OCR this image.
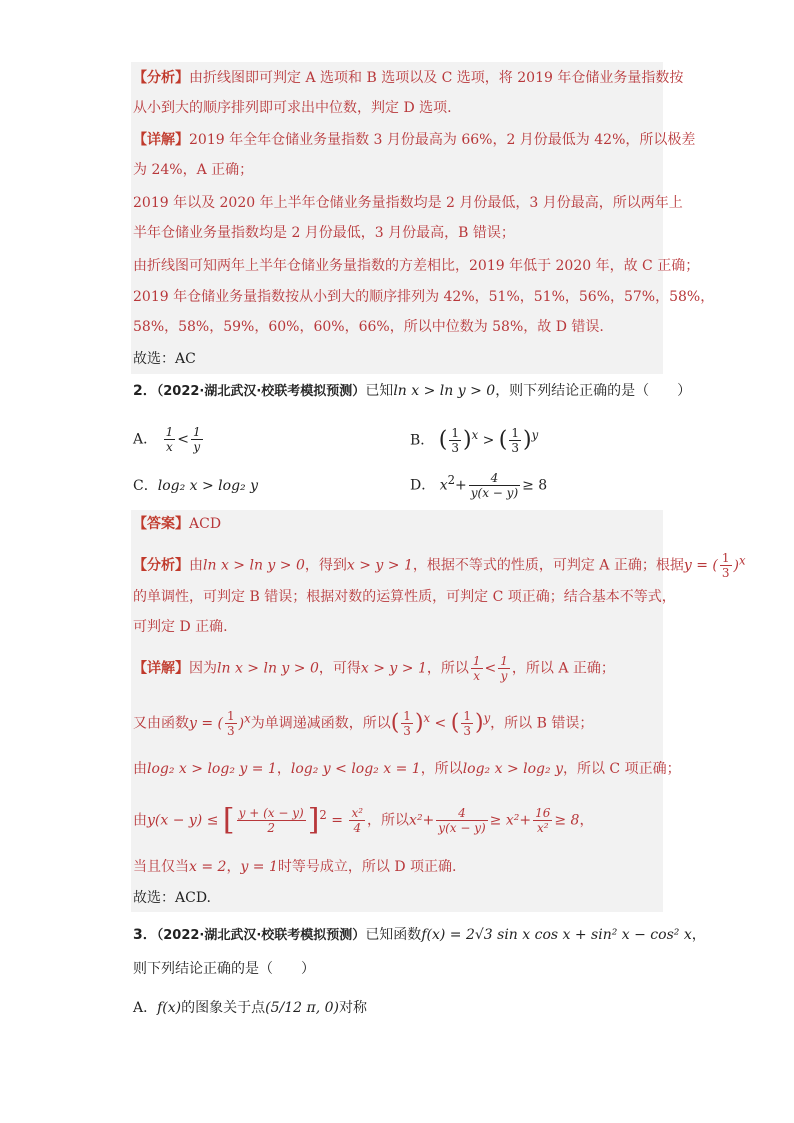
【分析】由折线图即可判定 A 选项和 B 选项以及 C 选项，将 2019 年仓储业务量指数按
从小到大的顺序排列即可求出中位数，判定 D 选项.
【详解】2019 年全年仓储业务量指数 3 月份最高为 66%，2 月份最低为 42%，所以极差
为 24%，A 正确；
2019 年以及 2020 年上半年仓储业务量指数均是 2 月份最低，3 月份最高，所以两年上
半年仓储业务量指数均是 2 月份最低，3 月份最高，B 错误；
由折线图可知两年上半年仓储业务量指数的方差相比，2019 年低于 2020 年，故 C 正确；
2019 年仓储业务量指数按从小到大的顺序排列为 42%，51%，51%，56%，57%，58%，
58%，58%，59%，60%，60%，66%，所以中位数为 58%，故 D 错误.
故选：AC
2．（2022·湖北武汉·校联考模拟预测）已知ln x > ln y > 0，则下列结论正确的是（　　）
A． $\frac{1}{x} < \frac{1}{y}$	B． ( $\frac{1}{3} )^x$ > ( $\frac{1}{3} )^y$
C．log₂ x > log₂ y	D． $x^2+ \frac{4}{y(x - y)} \ge 8$
【答案】ACD
【分析】由ln x > ln y > 0，得到x > y > 1，根据不等式的性质，可判定 A 正确；根据y = ( $\frac{1}{3} )^x$
的单调性，可判定 B 错误；根据对数的运算性质，可判定 C 项正确；结合基本不等式，
可判定 D 正确.
【详解】因为ln x > ln y > 0，可得x > y > 1，所以 $\frac{1}{x} < \frac{1}{y}$ ，所以 A 正确；
又由函数y = ( $\frac{1}{3} )^x$为单调递减函数，所以( $\frac{1}{3} )^x$ < ( $\frac{1}{3} )^y$，所以 B 错误；
由log₂ x > log₂ y = 1，log₂ y < log₂ x = 1，所以log₂ x > log₂ y，所以 C 项正确；
由y(x − y) ≤ [ $\frac{y + (x - y)}{2} ]^2 = \frac{\text{x²}}{4}$ ，所以$x^2+ \frac{4}{y(x - y)} \ge x^2+ \frac{16}{\text{x²}} \ge 8$，
当且仅当x = 2，y = 1时等号成立，所以 D 项正确.
故选：ACD.
3．（2022·湖北武汉·校联考模拟预测）已知函数f(x) = 2√3 sin x cos x + sin² x − cos² x，
则下列结论正确的是（　　）
A．f(x)的图象关于点(5/12 π, 0)对称
